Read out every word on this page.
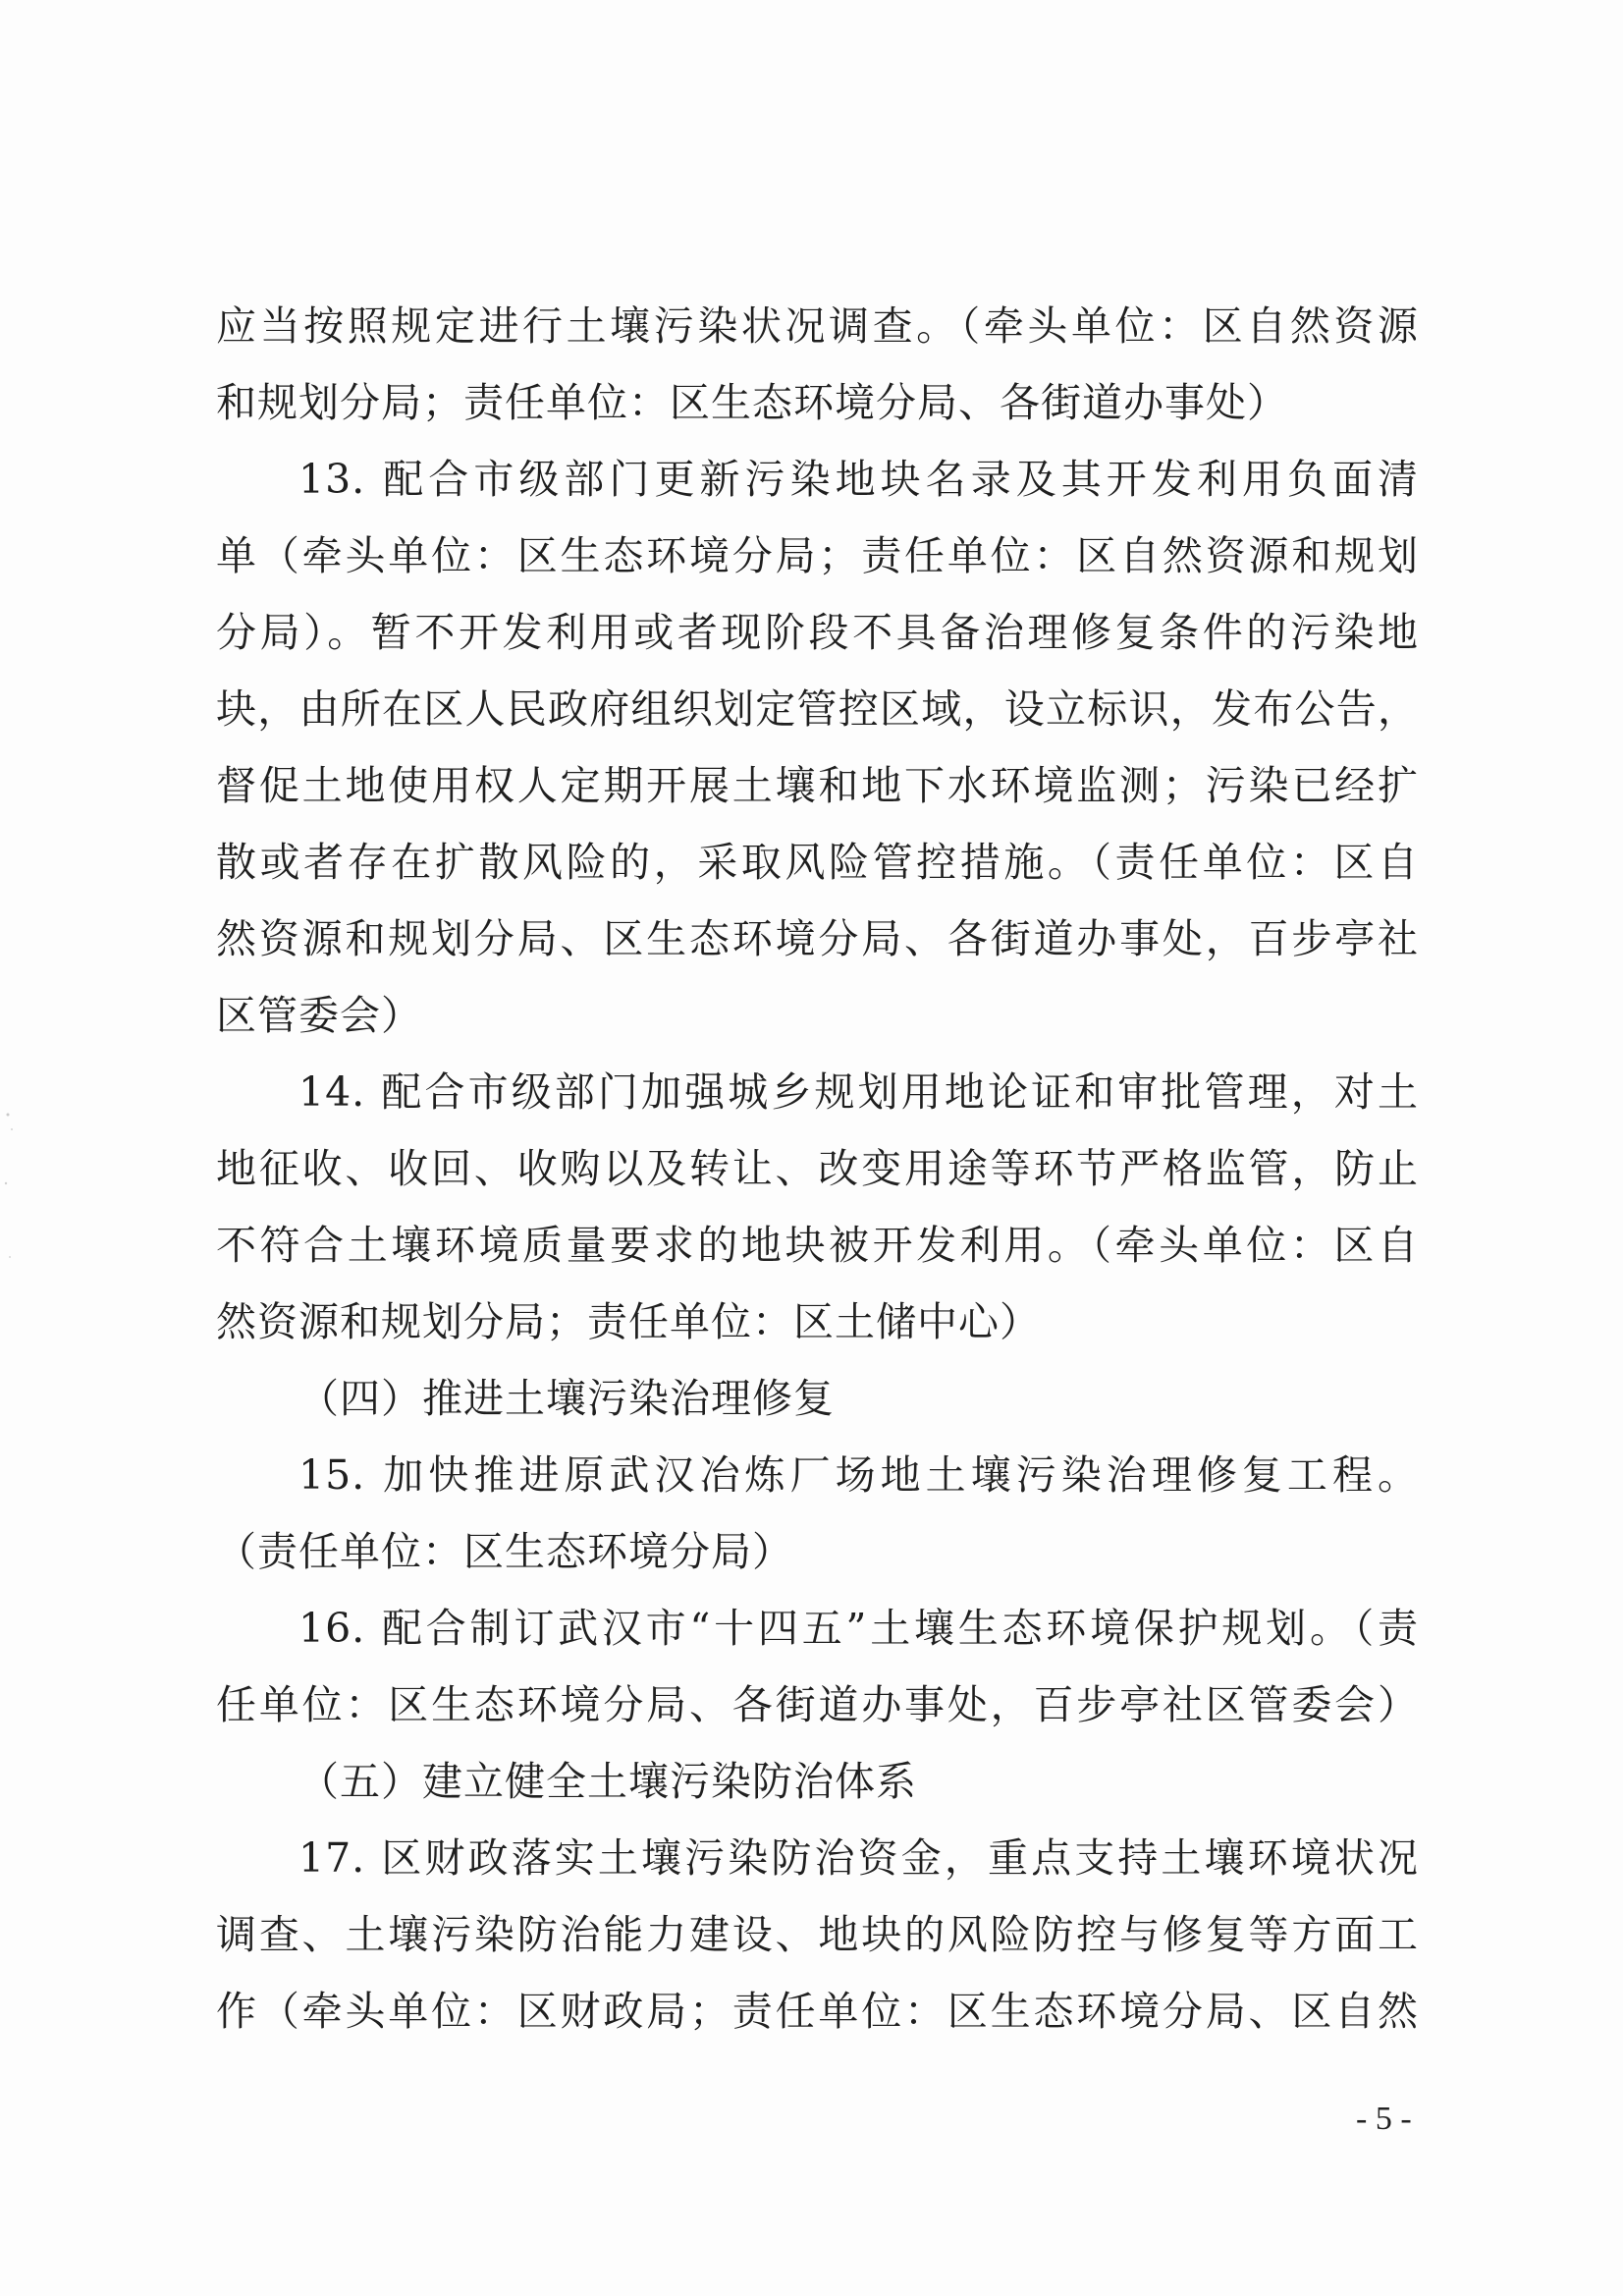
应当按照规定进行土壤污染状况调查。（牵头单位：区自然资源
和规划分局；责任单位：区生态环境分局、各街道办事处）
13. 配合市级部门更新污染地块名录及其开发利用负面清
单（牵头单位：区生态环境分局；责任单位：区自然资源和规划
分局）。暂不开发利用或者现阶段不具备治理修复条件的污染地
块，由所在区人民政府组织划定管控区域，设立标识，发布公告，
督促土地使用权人定期开展土壤和地下水环境监测；污染已经扩
散或者存在扩散风险的，采取风险管控措施。（责任单位：区自
然资源和规划分局、区生态环境分局、各街道办事处，百步亭社
区管委会）
14. 配合市级部门加强城乡规划用地论证和审批管理，对土
地征收、收回、收购以及转让、改变用途等环节严格监管，防止
不符合土壤环境质量要求的地块被开发利用。（牵头单位：区自
然资源和规划分局；责任单位：区土储中心）
（四）推进土壤污染治理修复
15. 加快推进原武汉冶炼厂场地土壤污染治理修复工程。
（责任单位：区生态环境分局）
16. 配合制订武汉市“十四五”土壤生态环境保护规划。（责
任单位：区生态环境分局、各街道办事处，百步亭社区管委会）
（五）建立健全土壤污染防治体系
17. 区财政落实土壤污染防治资金，重点支持土壤环境状况
调查、土壤污染防治能力建设、地块的风险防控与修复等方面工
作（牵头单位：区财政局；责任单位：区生态环境分局、区自然
- 5 -
